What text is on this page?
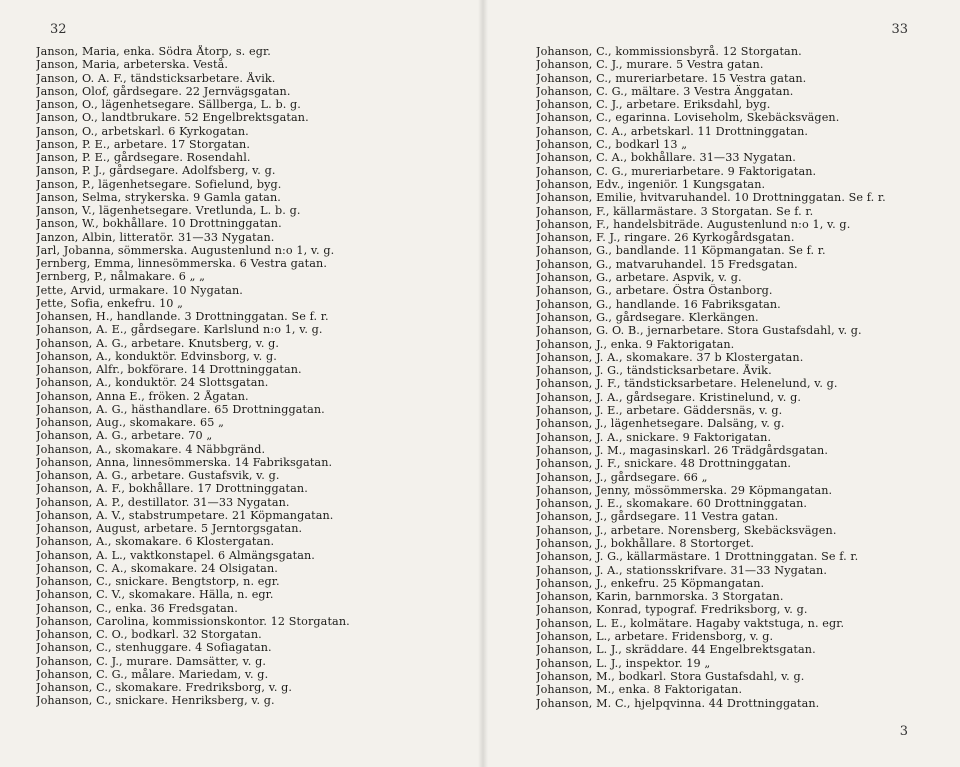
32
Janson, Maria, enka. Södra Åtorp, s. egr.
Janson, Maria, arbeterska. Vestå.
Janson, O. A. F., tändsticksarbetare. Åvik.
Janson, Olof, gårdsegare. 22 Jernvägsgatan.
Janson, O., lägenhetsegare. Sällberga, L. b. g.
Janson, O., landtbrukare. 52 Engelbrektsgatan.
Janson, O., arbetskarl. 6 Kyrkogatan.
Janson, P. E., arbetare. 17 Storgatan.
Janson, P. E., gårdsegare. Rosendahl.
Janson, P. J., gårdsegare. Adolfsberg, v. g.
Janson, P., lägenhetsegare. Sofielund, byg.
Janson, Selma, strykerska. 9 Gamla gatan.
Janson, V., lägenhetsegare. Vretlunda, L. b. g.
Janson, W., bokhållare. 10 Drottninggatan.
Janzon, Albin, litteratör. 31—33 Nygatan.
Jarl, Jobanna, sömmerska. Augustenlund n:o 1, v. g.
Jernberg, Emma, linnesömmerska. 6 Vestra gatan.
Jernberg, P., nålmakare. 6 „ „
Jette, Arvid, urmakare. 10 Nygatan.
Jette, Sofia, enkefru. 10 „
Johansen, H., handlande. 3 Drottninggatan. Se f. r.
Johanson, A. E., gårdsegare. Karlslund n:o 1, v. g.
Johanson, A. G., arbetare. Knutsberg, v. g.
Johanson, A., konduktör. Edvinsborg, v. g.
Johanson, Alfr., bokförare. 14 Drottninggatan.
Johanson, A., konduktör. 24 Slottsgatan.
Johanson, Anna E., fröken. 2 Ågatan.
Johanson, A. G., hästhandlare. 65 Drottninggatan.
Johanson, Aug., skomakare. 65 „
Johanson, A. G., arbetare. 70 „
Johanson, A., skomakare. 4 Näbbgränd.
Johanson, Anna, linnesömmerska. 14 Fabriksgatan.
Johanson, A. G., arbetare. Gustafsvik, v. g.
Johanson, A. F., bokhållare. 17 Drottninggatan.
Johanson, A. P., destillator. 31—33 Nygatan.
Johanson, A. V., stabstrumpetare. 21 Köpmangatan.
Johanson, August, arbetare. 5 Jerntorgsgatan.
Johanson, A., skomakare. 6 Klostergatan.
Johanson, A. L., vaktkonstapel. 6 Almängsgatan.
Johanson, C. A., skomakare. 24 Olsigatan.
Johanson, C., snickare. Bengtstorp, n. egr.
Johanson, C. V., skomakare. Hälla, n. egr.
Johanson, C., enka. 36 Fredsgatan.
Johanson, Carolina, kommissionskontor. 12 Storgatan.
Johanson, C. O., bodkarl. 32 Storgatan.
Johanson, C., stenhuggare. 4 Sofiagatan.
Johanson, C. J., murare. Damsätter, v. g.
Johanson, C. G., målare. Mariedam, v. g.
Johanson, C., skomakare. Fredriksborg, v. g.
Johanson, C., snickare. Henriksberg, v. g.
33
Johanson, C., kommissionsbyrå. 12 Storgatan.
Johanson, C. J., murare. 5 Vestra gatan.
Johanson, C., mureriarbetare. 15 Vestra gatan.
Johanson, C. G., mältare. 3 Vestra Änggatan.
Johanson, C. J., arbetare. Eriksdahl, byg.
Johanson, C., egarinna. Loviseholm, Skebäcksvägen.
Johanson, C. A., arbetskarl. 11 Drottninggatan.
Johanson, C., bodkarl 13 „
Johanson, C. A., bokhållare. 31—33 Nygatan.
Johanson, C. G., mureriarbetare. 9 Faktorigatan.
Johanson, Edv., ingeniör. 1 Kungsgatan.
Johanson, Emilie, hvitvaruhandel. 10 Drottninggatan. Se f. r.
Johanson, F., källarmästare. 3 Storgatan. Se f. r.
Johanson, F., handelsbiträde. Augustenlund n:o 1, v. g.
Johanson, F. J., ringare. 26 Kyrkogårdsgatan.
Johanson, G., bandlande. 11 Köpmangatan. Se f. r.
Johanson, G., matvaruhandel. 15 Fredsgatan.
Johanson, G., arbetare. Aspvik, v. g.
Johanson, G., arbetare. Östra Östanborg.
Johanson, G., handlande. 16 Fabriksgatan.
Johanson, G., gårdsegare. Klerkängen.
Johanson, G. O. B., jernarbetare. Stora Gustafsdahl, v. g.
Johanson, J., enka. 9 Faktorigatan.
Johanson, J. A., skomakare. 37 b Klostergatan.
Johanson, J. G., tändsticksarbetare. Åvik.
Johanson, J. F., tändsticksarbetare. Helenelund, v. g.
Johanson, J. A., gårdsegare. Kristinelund, v. g.
Johanson, J. E., arbetare. Gäddersnäs, v. g.
Johanson, J., lägenhetsegare. Dalsäng, v. g.
Johanson, J. A., snickare. 9 Faktorigatan.
Johanson, J. M., magasinskarl. 26 Trädgårdsgatan.
Johanson, J. F., snickare. 48 Drottninggatan.
Johanson, J., gårdsegare. 66 „
Johanson, Jenny, mössömmerska. 29 Köpmangatan.
Johanson, J. E., skomakare. 60 Drottninggatan.
Johanson, J., gårdsegare. 11 Vestra gatan.
Johanson, J., arbetare. Norensberg, Skebäcksvägen.
Johanson, J., bokhållare. 8 Stortorget.
Johanson, J. G., källarmästare. 1 Drottninggatan. Se f. r.
Johanson, J. A., stationsskrifvare. 31—33 Nygatan.
Johanson, J., enkefru. 25 Köpmangatan.
Johanson, Karin, barnmorska. 3 Storgatan.
Johanson, Konrad, typograf. Fredriksborg, v. g.
Johanson, L. E., kolmätare. Hagaby vaktstuga, n. egr.
Johanson, L., arbetare. Fridensborg, v. g.
Johanson, L. J., skräddare. 44 Engelbrektsgatan.
Johanson, L. J., inspektor. 19 „
Johanson, M., bodkarl. Stora Gustafsdahl, v. g.
Johanson, M., enka. 8 Faktorigatan.
Johanson, M. C., hjelpqvinna. 44 Drottninggatan.
3
